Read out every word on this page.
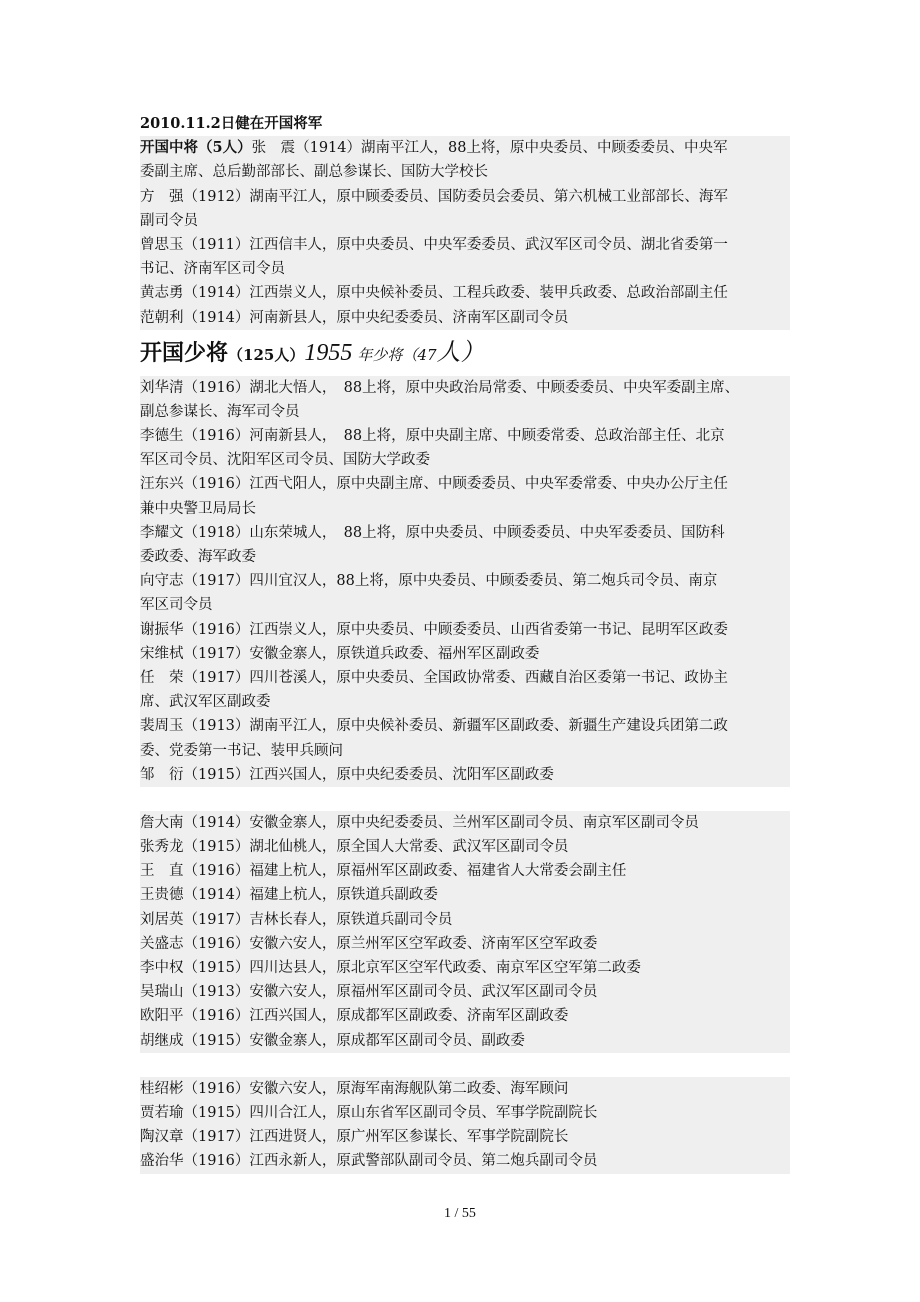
2010.11.2日健在开国将军
开国中将（5人）张　震（1914）湖南平江人，88上将，原中央委员、中顾委委员、中央军
委副主席、总后勤部部长、副总参谋长、国防大学校长
方　强（1912）湖南平江人，原中顾委委员、国防委员会委员、第六机械工业部部长、海军
副司令员
曾思玉（1911）江西信丰人，原中央委员、中央军委委员、武汉军区司令员、湖北省委第一
书记、济南军区司令员
黄志勇（1914）江西崇义人，原中央候补委员、工程兵政委、装甲兵政委、总政治部副主任
范朝利（1914）河南新县人，原中央纪委委员、济南军区副司令员
开国少将（125人）1955 年少将（47人）
刘华清（1916）湖北大悟人，　88上将，原中央政治局常委、中顾委委员、中央军委副主席、
副总参谋长、海军司令员
李德生（1916）河南新县人，　88上将，原中央副主席、中顾委常委、总政治部主任、北京
军区司令员、沈阳军区司令员、国防大学政委
汪东兴（1916）江西弋阳人，原中央副主席、中顾委委员、中央军委常委、中央办公厅主任
兼中央警卫局局长
李耀文（1918）山东荣城人，　88上将，原中央委员、中顾委委员、中央军委委员、国防科
委政委、海军政委
向守志（1917）四川宜汉人，88上将，原中央委员、中顾委委员、第二炮兵司令员、南京
军区司令员
谢振华（1916）江西崇义人，原中央委员、中顾委委员、山西省委第一书记、昆明军区政委
宋维栻（1917）安徽金寨人，原铁道兵政委、福州军区副政委
任　荣（1917）四川苍溪人，原中央委员、全国政协常委、西藏自治区委第一书记、政协主
席、武汉军区副政委
裴周玉（1913）湖南平江人，原中央候补委员、新疆军区副政委、新疆生产建设兵团第二政
委、党委第一书记、装甲兵顾问
邹　衍（1915）江西兴国人，原中央纪委委员、沈阳军区副政委
詹大南（1914）安徽金寨人，原中央纪委委员、兰州军区副司令员、南京军区副司令员
张秀龙（1915）湖北仙桃人，原全国人大常委、武汉军区副司令员
王　直（1916）福建上杭人，原福州军区副政委、福建省人大常委会副主任
王贵德（1914）福建上杭人，原铁道兵副政委
刘居英（1917）吉林长春人，原铁道兵副司令员
关盛志（1916）安徽六安人，原兰州军区空军政委、济南军区空军政委
李中权（1915）四川达县人，原北京军区空军代政委、南京军区空军第二政委
吴瑞山（1913）安徽六安人，原福州军区副司令员、武汉军区副司令员
欧阳平（1916）江西兴国人，原成都军区副政委、济南军区副政委
胡继成（1915）安徽金寨人，原成都军区副司令员、副政委
桂绍彬（1916）安徽六安人，原海军南海舰队第二政委、海军顾问
贾若瑜（1915）四川合江人，原山东省军区副司令员、军事学院副院长
陶汉章（1917）江西进贤人，原广州军区参谋长、军事学院副院长
盛治华（1916）江西永新人，原武警部队副司令员、第二炮兵副司令员
1 / 55
